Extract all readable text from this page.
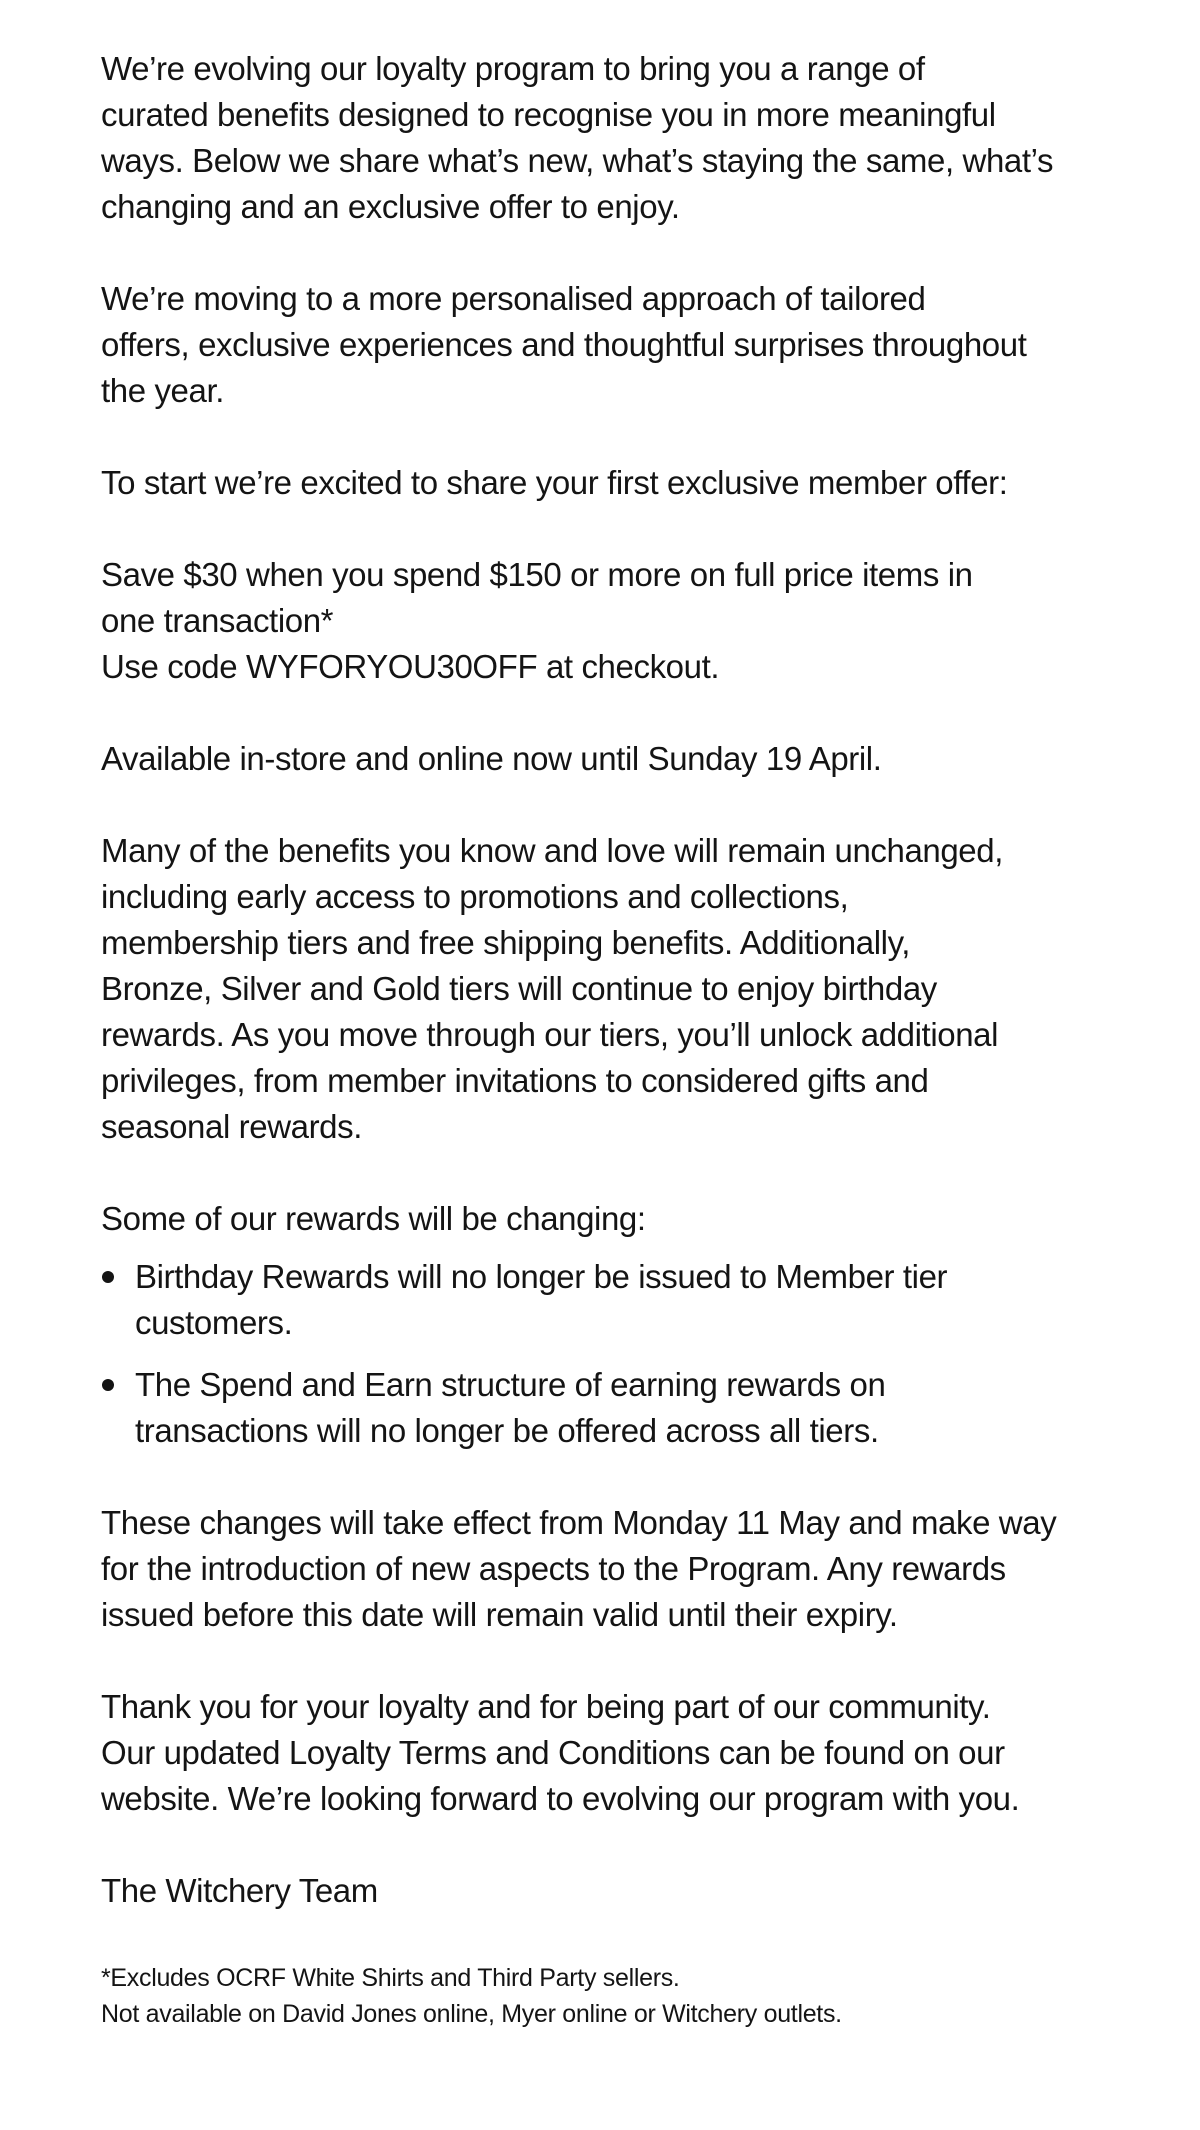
We’re evolving our loyalty program to bring you a range of
curated benefits designed to recognise you in more meaningful
ways. Below we share what’s new, what’s staying the same, what’s
changing and an exclusive offer to enjoy.

We’re moving to a more personalised approach of tailored
offers, exclusive experiences and thoughtful surprises throughout
the year.

To start we’re excited to share your first exclusive member offer:

Save $30 when you spend $150 or more on full price items in
one transaction*
Use code WYFORYOU30OFF at checkout.

Available in-store and online now until Sunday 19 April.

Many of the benefits you know and love will remain unchanged,
including early access to promotions and collections,
membership tiers and free shipping benefits. Additionally,
Bronze, Silver and Gold tiers will continue to enjoy birthday
rewards. As you move through our tiers, you’ll unlock additional
privileges, from member invitations to considered gifts and
seasonal rewards.

Some of our rewards will be changing:

Birthday Rewards will no longer be issued to Member tier
customers.
The Spend and Earn structure of earning rewards on
transactions will no longer be offered across all tiers.

These changes will take effect from Monday 11 May and make way
for the introduction of new aspects to the Program. Any rewards
issued before this date will remain valid until their expiry.

Thank you for your loyalty and for being part of our community.
Our updated Loyalty Terms and Conditions can be found on our
website. We’re looking forward to evolving our program with you.

The Witchery Team

*Excludes OCRF White Shirts and Third Party sellers.
Not available on David Jones online, Myer online or Witchery outlets.
